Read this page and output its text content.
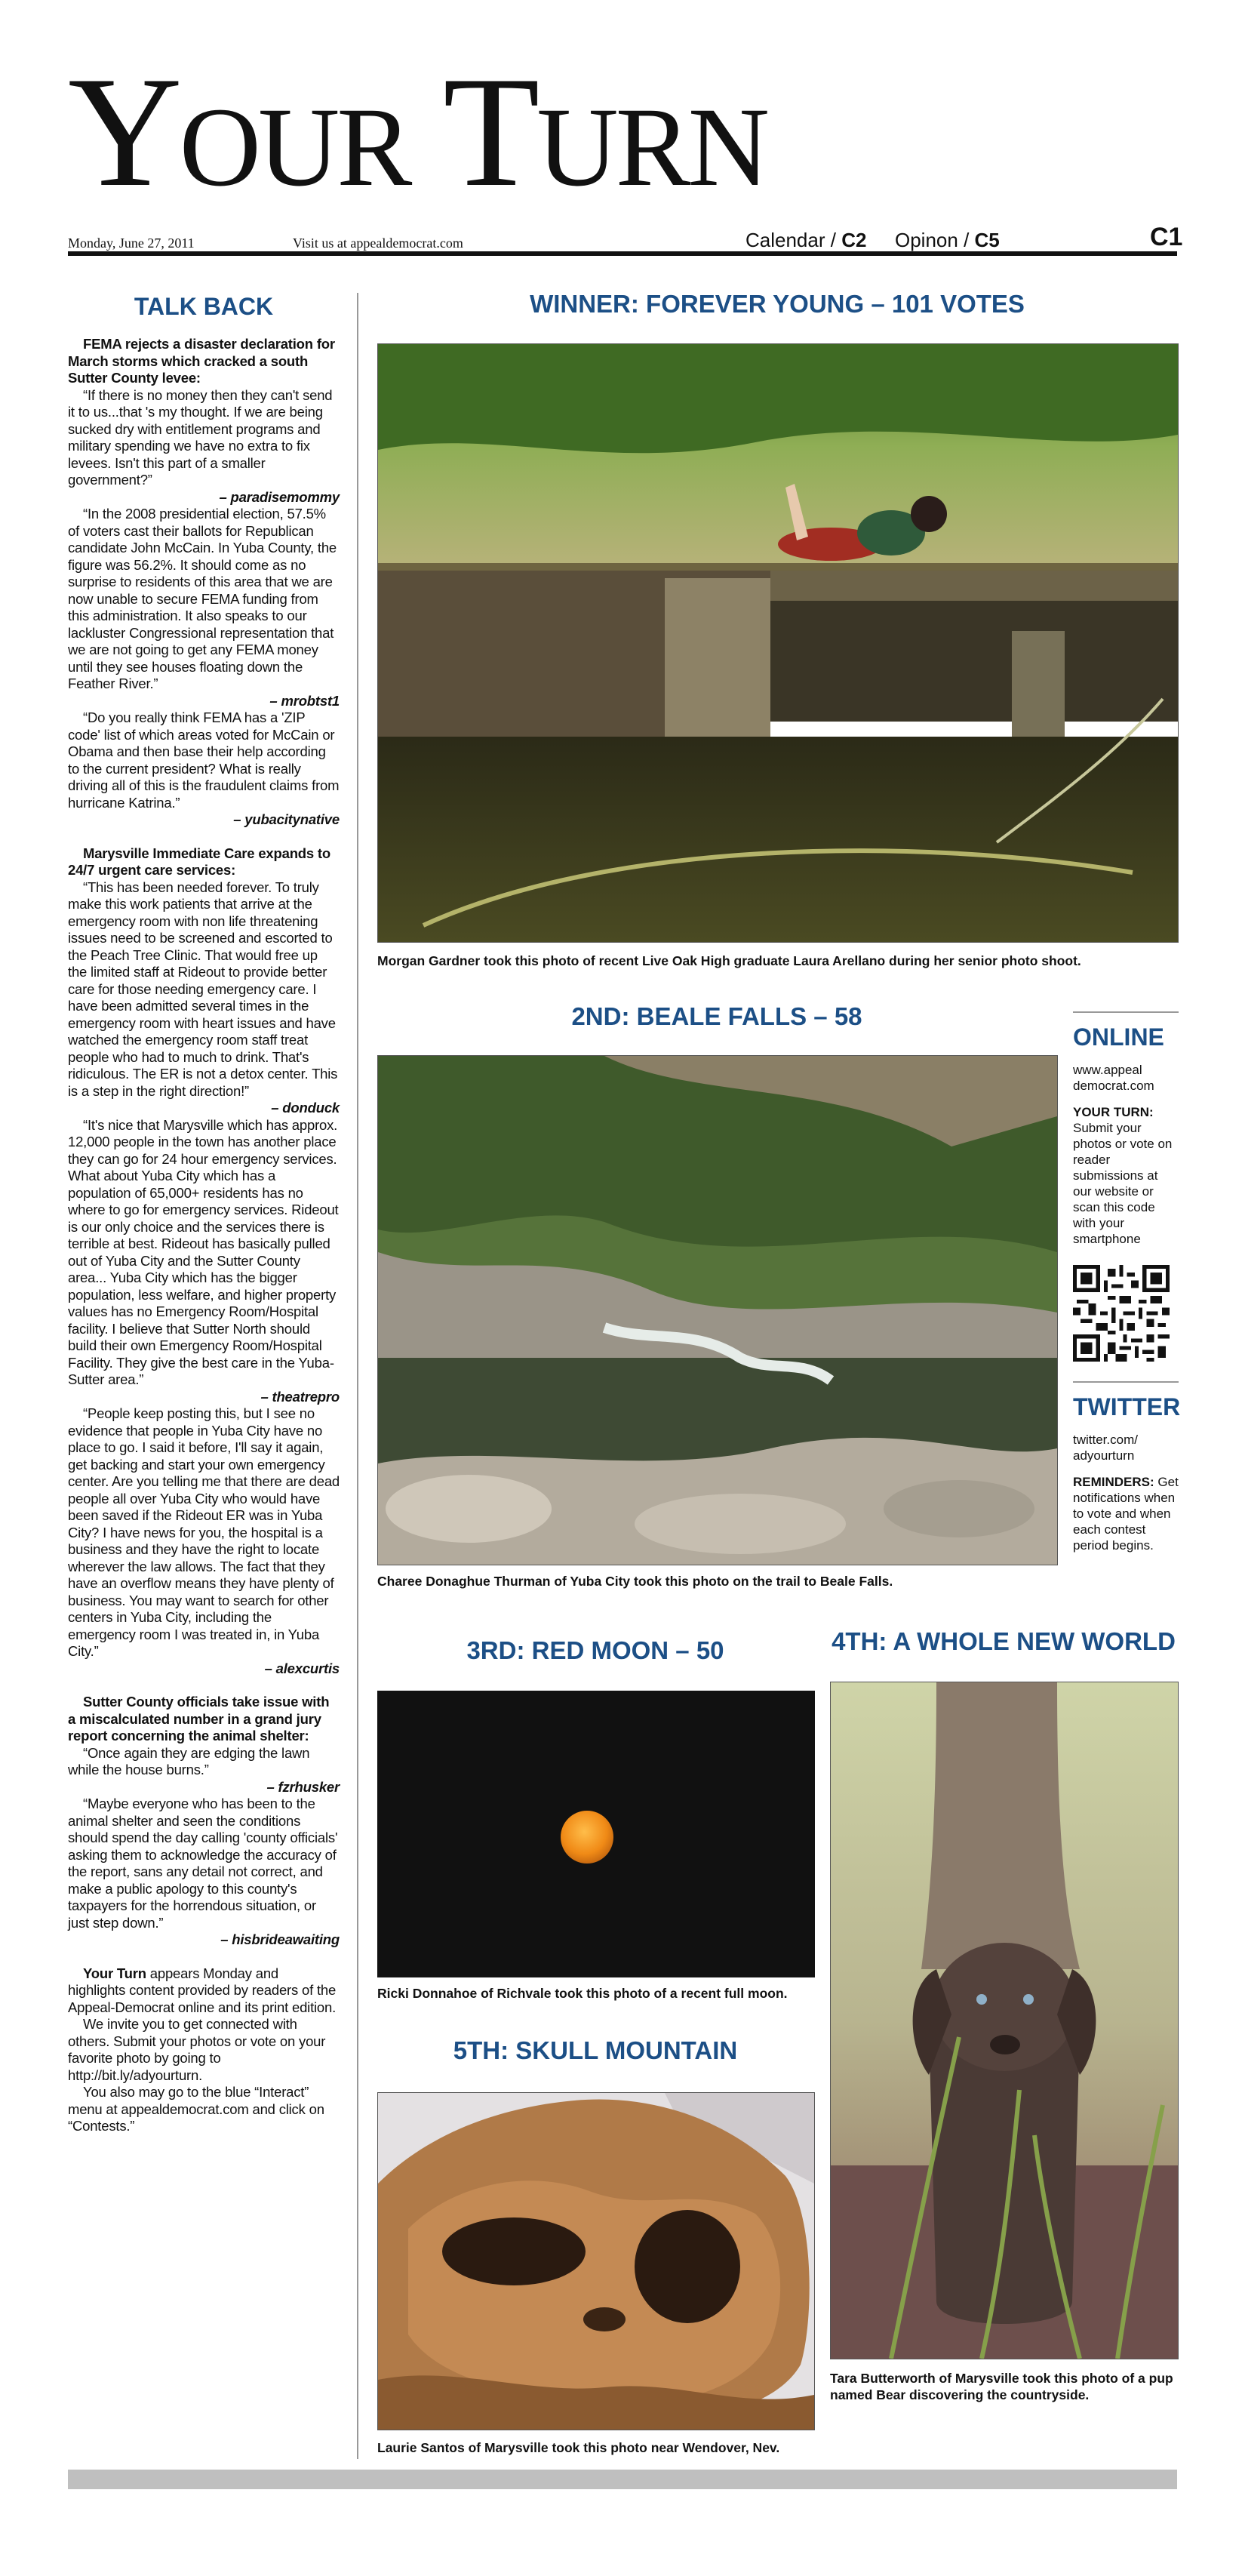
YOUR TURN
Monday, June 27, 2011	Visit us at appealdemocrat.com	Calendar / C2 Opinon / C5	C1
TALK BACK

FEMA rejects a disaster declaration for March storms which cracked a south Sutter County levee:

“If there is no money then they can't send it to us...that 's my thought. If we are being sucked dry with entitlement programs and military spending we have no extra to fix levees. Isn't this part of a smaller government?”

– paradisemommy

“In the 2008 presidential election, 57.5% of voters cast their ballots for Republican candidate John McCain. In Yuba County, the figure was 56.2%. It should come as no surprise to residents of this area that we are now unable to secure FEMA funding from this administration. It also speaks to our lackluster Congressional representation that we are not going to get any FEMA money until they see houses floating down the Feather River.”

– mrobtst1

“Do you really think FEMA has a 'ZIP code' list of which areas voted for McCain or Obama and then base their help according to the current president? What is really driving all of this is the fraudulent claims from hurricane Katrina.”

– yubacitynative

Marysville Immediate Care expands to 24/7 urgent care services:

“This has been needed forever. To truly make this work patients that arrive at the emergency room with non life threatening issues need to be screened and escorted to the Peach Tree Clinic. That would free up the limited staff at Rideout to provide better care for those needing emergency care. I have been admitted several times in the emergency room with heart issues and have watched the emergency room staff treat people who had to much to drink. That's ridiculous. The ER is not a detox center. This is a step in the right direction!”

– donduck

“It's nice that Marysville which has approx. 12,000 people in the town has another place they can go for 24 hour emergency services. What about Yuba City which has a population of 65,000+ residents has no where to go for emergency services. Rideout is our only choice and the services there is terrible at best. Rideout has basically pulled out of Yuba City and the Sutter County area... Yuba City which has the bigger population, less welfare, and higher property values has no Emergency Room/Hospital facility. I believe that Sutter North should build their own Emergency Room/Hospital Facility. They give the best care in the Yuba-Sutter area.”

– theatrepro

“People keep posting this, but I see no evidence that people in Yuba City have no place to go. I said it before, I'll say it again, get backing and start your own emergency center. Are you telling me that there are dead people all over Yuba City who would have been saved if the Rideout ER was in Yuba City? I have news for you, the hospital is a business and they have the right to locate wherever the law allows. The fact that they have an overflow means they have plenty of business. You may want to search for other centers in Yuba City, including the emergency room I was treated in, in Yuba City.”

– alexcurtis

Sutter County officials take issue with a miscalculated number in a grand jury report concerning the animal shelter:

“Once again they are edging the lawn while the house burns.”

– fzrhusker

“Maybe everyone who has been to the animal shelter and seen the conditions should spend the day calling 'county officials' asking them to acknowledge the accuracy of the report, sans any detail not correct, and make a public apology to this county's taxpayers for the horrendous situation, or just step down.”

– hisbrideawaiting

Your Turn appears Monday and highlights content provided by readers of the Appeal-Democrat online and its print edition.

We invite you to get connected with others. Submit your photos or vote on your favorite photo by going to http://bit.ly/adyourturn.

You also may go to the blue “Interact” menu at appealdemocrat.com and click on “Contests.”

WINNER: FOREVER YOUNG – 101 VOTES
Morgan Gardner took this photo of recent Live Oak High graduate Laura Arellano during her senior photo shoot.
2ND: BEALE FALLS – 58
Charee Donaghue Thurman of Yuba City took this photo on the trail to Beale Falls.
ONLINE
www.appeal democrat.com
YOUR TURN:
Submit your photos or vote on reader submissions at our website or scan this code with your smartphone
TWITTER
twitter.com/ adyourturn
REMINDERS: Get notifications when to vote and when each contest period begins.
3RD: RED MOON – 50
Ricki Donnahoe of Richvale took this photo of a recent full moon.
5TH: SKULL MOUNTAIN
Laurie Santos of Marysville took this photo near Wendover, Nev.
4TH: A WHOLE NEW WORLD
Tara Butterworth of Marysville took this photo of a pup named Bear discovering the countryside.
